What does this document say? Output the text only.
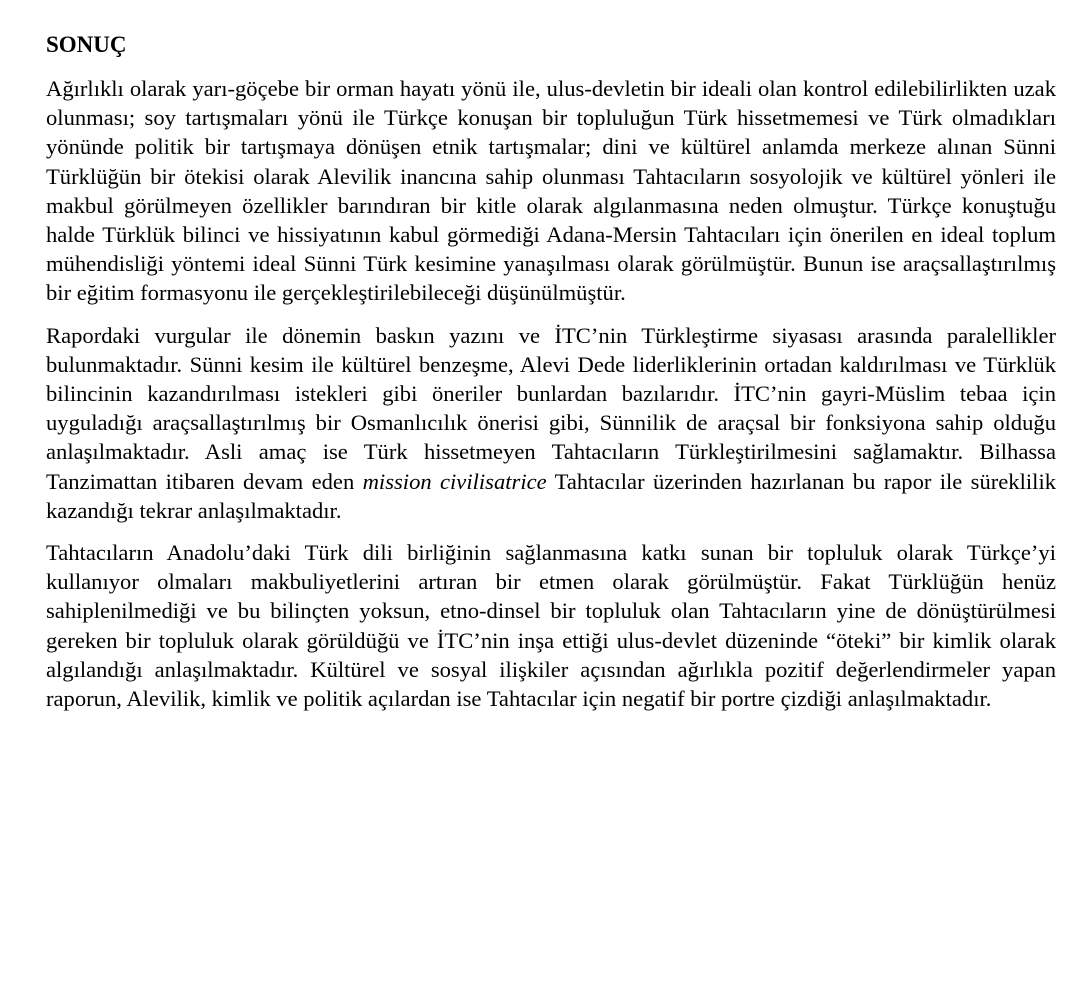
SONUÇ

Ağırlıklı olarak yarı-göçebe bir orman hayatı yönü ile, ulus-devletin bir ideali olan kontrol edilebilirlikten uzak olunması; soy tartışmaları yönü ile Türkçe konuşan bir topluluğun Türk hissetmemesi ve Türk olmadıkları yönünde politik bir tartışmaya dönüşen etnik tartışmalar; dini ve kültürel anlamda merkeze alınan Sünni Türklüğün bir ötekisi olarak Alevilik inancına sahip olunması Tahtacıların sosyolojik ve kültürel yönleri ile makbul görülmeyen özellikler barındıran bir kitle olarak algılanmasına neden olmuştur. Türkçe konuştuğu halde Türklük bilinci ve hissiyatının kabul görmediği Adana-Mersin Tahtacıları için önerilen en ideal toplum mühendisliği yöntemi ideal Sünni Türk kesimine yanaşılması olarak görülmüştür. Bunun ise araçsallaştırılmış bir eğitim formasyonu ile gerçekleştirilebileceği düşünülmüştür.

Rapordaki vurgular ile dönemin baskın yazını ve İTC’nin Türkleştirme siyasası arasında paralellikler bulunmaktadır. Sünni kesim ile kültürel benzeşme, Alevi Dede liderliklerinin ortadan kaldırılması ve Türklük bilincinin kazandırılması istekleri gibi öneriler bunlardan bazılarıdır. İTC’nin gayri-Müslim tebaa için uyguladığı araçsallaştırılmış bir Osmanlıcılık önerisi gibi, Sünnilik de araçsal bir fonksiyona sahip olduğu anlaşılmaktadır. Asli amaç ise Türk hissetmeyen Tahtacıların Türkleştirilmesini sağlamaktır. Bilhassa Tanzimattan itibaren devam eden mission civilisatrice Tahtacılar üzerinden hazırlanan bu rapor ile süreklilik kazandığı tekrar anlaşılmaktadır.

Tahtacıların Anadolu’daki Türk dili birliğinin sağlanmasına katkı sunan bir topluluk olarak Türkçe’yi kullanıyor olmaları makbuliyetlerini artıran bir etmen olarak görülmüştür. Fakat Türklüğün henüz sahiplenilmediği ve bu bilinçten yoksun, etno-dinsel bir topluluk olan Tahtacıların yine de dönüştürülmesi gereken bir topluluk olarak görüldüğü ve İTC’nin inşa ettiği ulus-devlet düzeninde “öteki” bir kimlik olarak algılandığı anlaşılmaktadır. Kültürel ve sosyal ilişkiler açısından ağırlıkla pozitif değerlendirmeler yapan raporun, Alevilik, kimlik ve politik açılardan ise Tahtacılar için negatif bir portre çizdiği anlaşılmaktadır.
